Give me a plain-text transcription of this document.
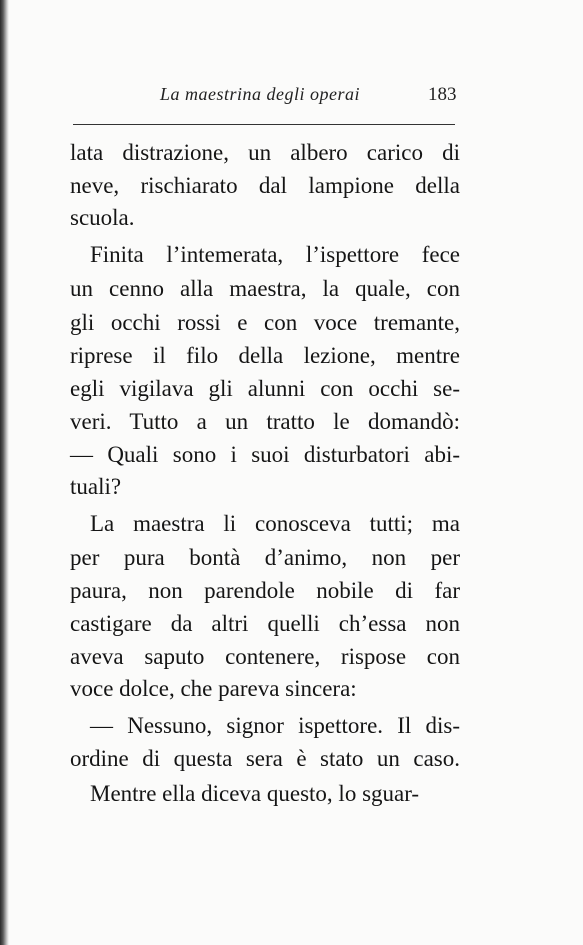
La maestrina degli operai	183
lata distrazione, un albero carico di
neve, rischiarato dal lampione della
scuola.
Finita l’intemerata, l’ispettore fece
un cenno alla maestra, la quale, con
gli occhi rossi e con voce tremante,
riprese il filo della lezione, mentre
egli vigilava gli alunni con occhi se-
veri. Tutto a un tratto le domandò:
— Quali sono i suoi disturbatori abi-
tuali?
La maestra li conosceva tutti; ma
per pura bontà d’animo, non per
paura, non parendole nobile di far
castigare da altri quelli ch’essa non
aveva saputo contenere, rispose con
voce dolce, che pareva sincera:
— Nessuno, signor ispettore. Il dis-
ordine di questa sera è stato un caso.
Mentre ella diceva questo, lo sguar-
